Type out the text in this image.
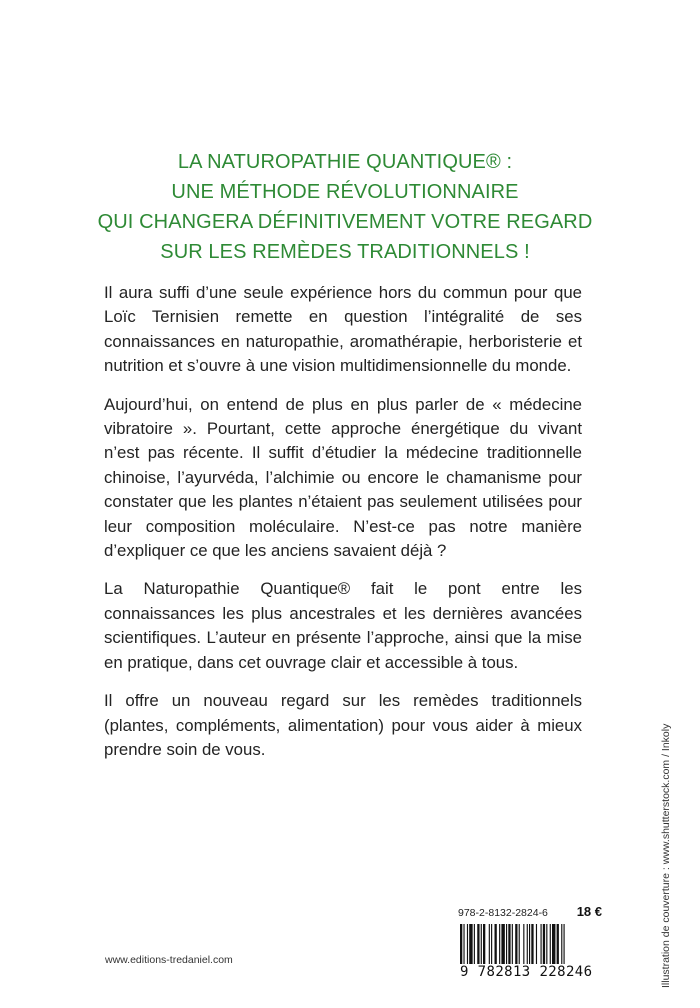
LA NATUROPATHIE QUANTIQUE® :
UNE MÉTHODE RÉVOLUTIONNAIRE
QUI CHANGERA DÉFINITIVEMENT VOTRE REGARD
SUR LES REMÈDES TRADITIONNELS !

Il aura suffi d’une seule expérience hors du commun pour que Loïc Ternisien remette en question l’intégralité de ses connaissances en naturopathie, aromathérapie, herboristerie et nutrition et s’ouvre à une vision multidimensionnelle du monde.

Aujourd’hui, on entend de plus en plus parler de « médecine vibratoire ». Pourtant, cette approche énergétique du vivant n’est pas récente. Il suffit d’étudier la médecine traditionnelle chinoise, l’ayurvéda, l’alchimie ou encore le chamanisme pour constater que les plantes n’étaient pas seulement utilisées pour leur composition moléculaire. N’est-ce pas notre manière d’expliquer ce que les anciens savaient déjà ?

La Naturopathie Quantique® fait le pont entre les connaissances les plus ancestrales et les dernières avancées scientifiques. L’auteur en présente l’approche, ainsi que la mise en pratique, dans cet ouvrage clair et accessible à tous.

Il offre un nouveau regard sur les remèdes traditionnels (plantes, compléments, alimentation) pour vous aider à mieux prendre soin de vous.	Illustration de couverture : www.shutterstock.com / Inkoly
978-2-8132-2824-6 18 €
9 782813 228246
www.editions-tredaniel.com
